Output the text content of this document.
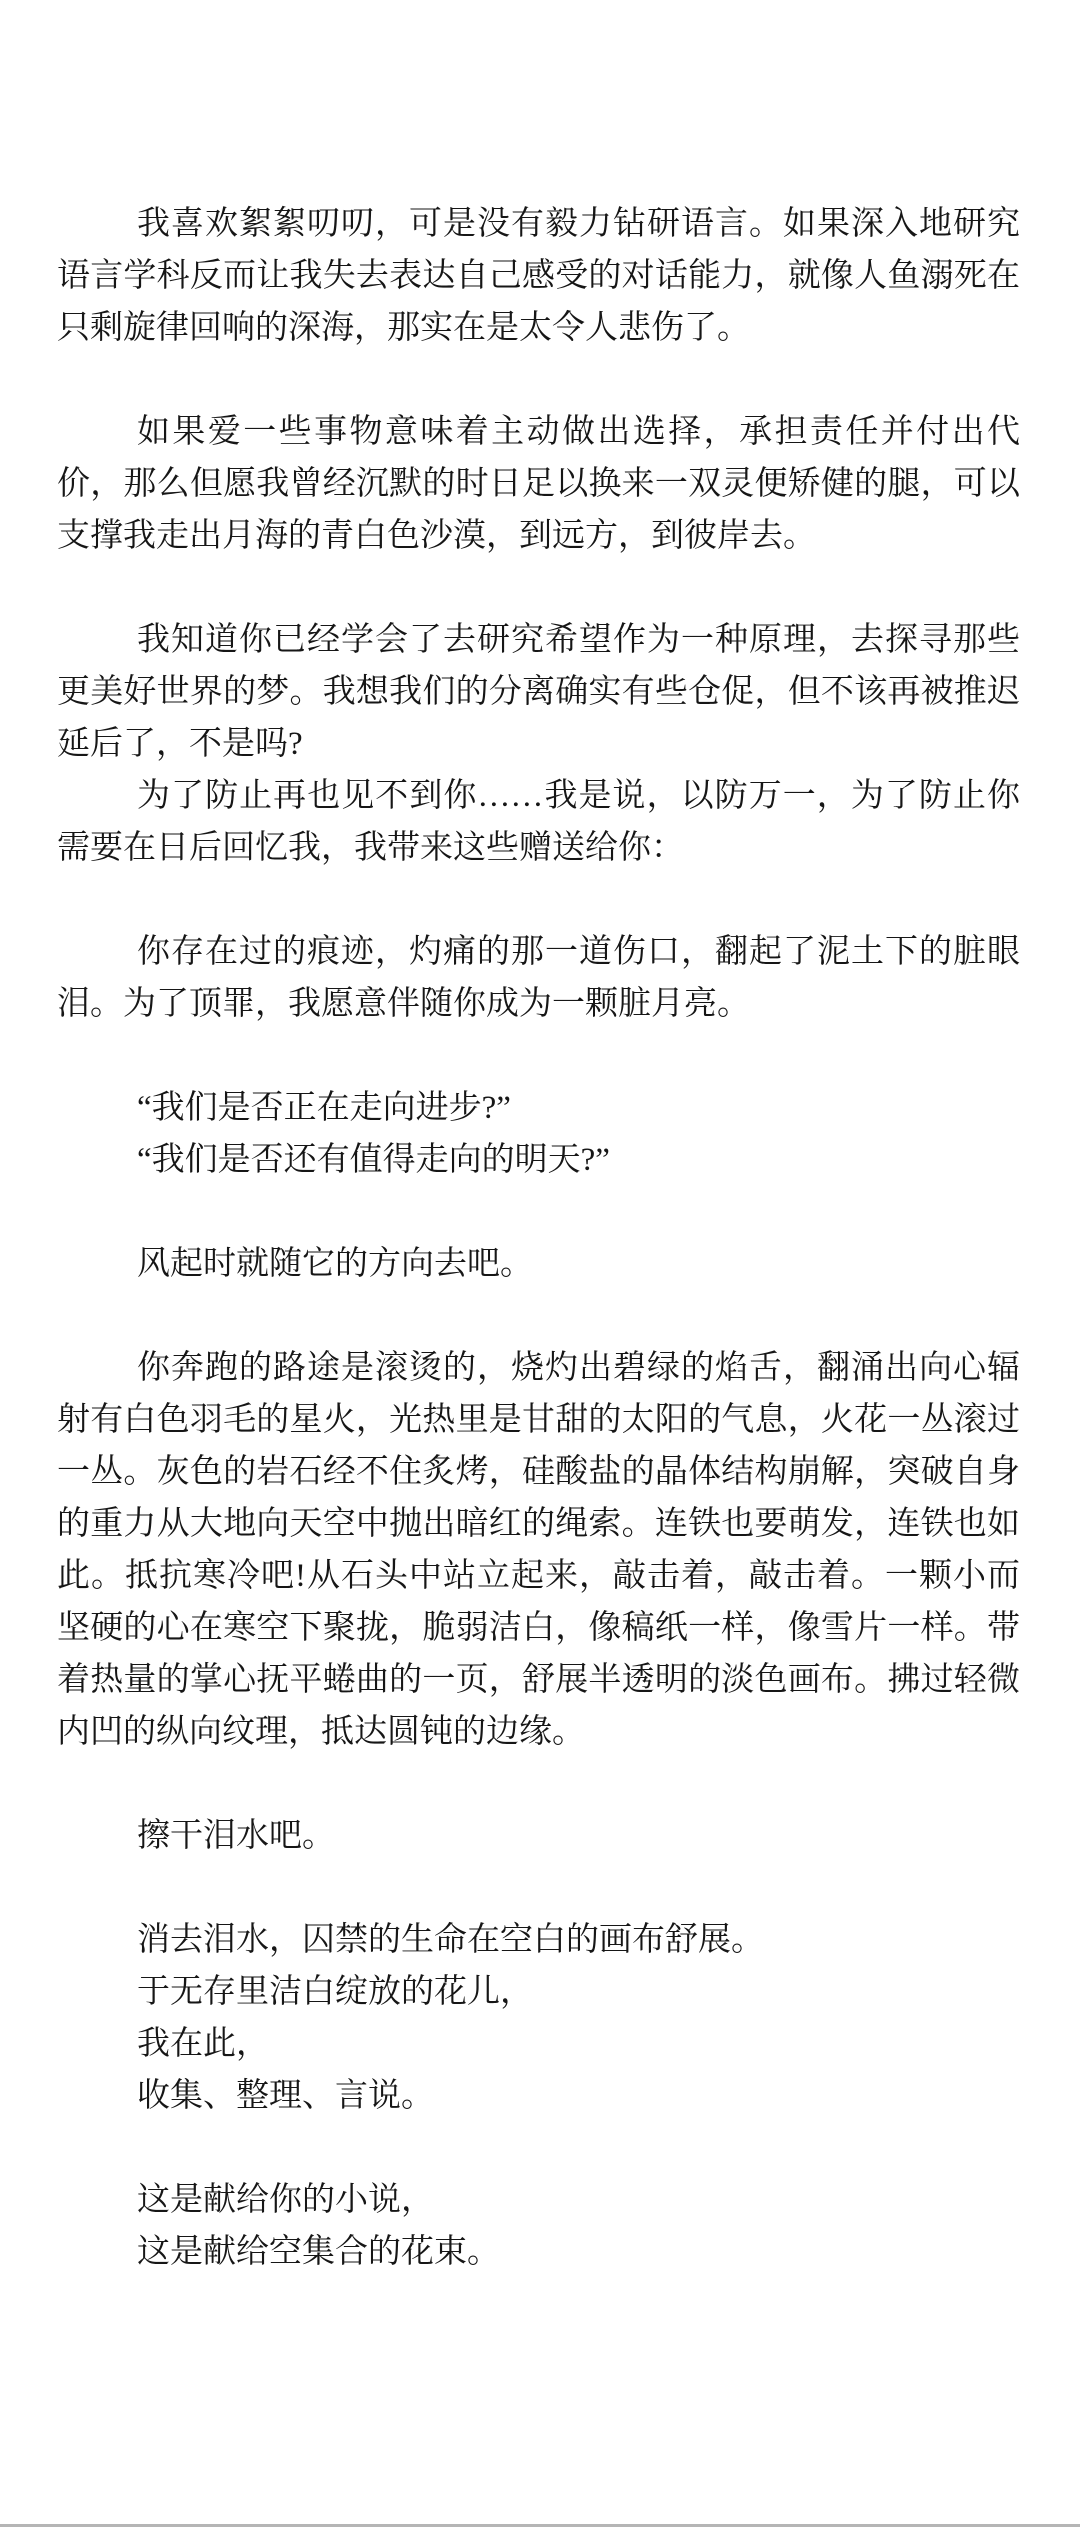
我喜欢絮絮叨叨，可是没有毅力钻研语言。如果深入地研究语言学科反而让我失去表达自己感受的对话能力，就像人鱼溺死在只剩旋律回响的深海，那实在是太令人悲伤了。

如果爱一些事物意味着主动做出选择，承担责任并付出代价，那么但愿我曾经沉默的时日足以换来一双灵便矫健的腿，可以支撑我走出月海的青白色沙漠，到远方，到彼岸去。

我知道你已经学会了去研究希望作为一种原理，去探寻那些更美好世界的梦。我想我们的分离确实有些仓促，但不该再被推迟延后了，不是吗?

为了防止再也见不到你……我是说，以防万一，为了防止你需要在日后回忆我，我带来这些赠送给你：

你存在过的痕迹，灼痛的那一道伤口，翻起了泥土下的脏眼泪。为了顶罪，我愿意伴随你成为一颗脏月亮。

“我们是否正在走向进步?”

“我们是否还有值得走向的明天?”

风起时就随它的方向去吧。

你奔跑的路途是滚烫的，烧灼出碧绿的焰舌，翻涌出向心辐射有白色羽毛的星火，光热里是甘甜的太阳的气息，火花一丛滚过一丛。灰色的岩石经不住炙烤，硅酸盐的晶体结构崩解，突破自身的重力从大地向天空中抛出暗红的绳索。连铁也要萌发，连铁也如此。抵抗寒冷吧!从石头中站立起来，敲击着，敲击着。一颗小而坚硬的心在寒空下聚拢，脆弱洁白，像稿纸一样，像雪片一样。带着热量的掌心抚平蜷曲的一页，舒展半透明的淡色画布。拂过轻微内凹的纵向纹理，抵达圆钝的边缘。

擦干泪水吧。

消去泪水，囚禁的生命在空白的画布舒展。

于无存里洁白绽放的花儿，

我在此，

收集、整理、言说。

这是献给你的小说，

这是献给空集合的花束。
